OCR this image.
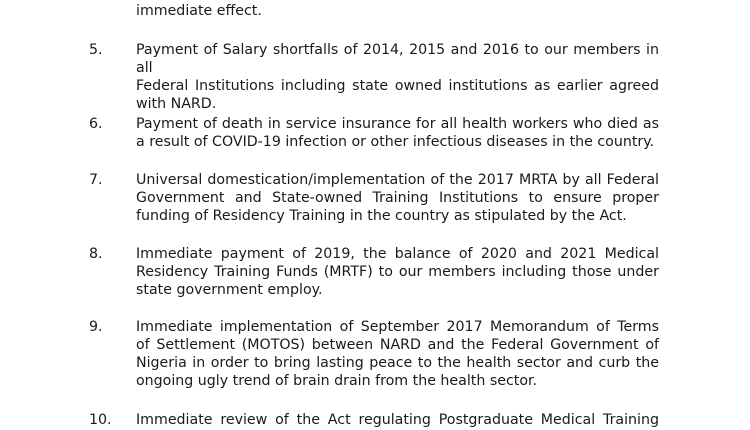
immediate effect.
5. Payment of Salary shortfalls of 2014, 2015 and 2016 to our members in all
Federal Institutions including state owned institutions as earlier agreed
with NARD.
6. Payment of death in service insurance for all health workers who died as
a result of COVID-19 infection or other infectious diseases in the country.
7. Universal domestication/implementation of the 2017 MRTA by all Federal
Government and State-owned Training Institutions to ensure proper
funding of Residency Training in the country as stipulated by the Act.
8. Immediate payment of 2019, the balance of 2020 and 2021 Medical
Residency Training Funds (MRTF) to our members including those under
state government employ.
9. Immediate implementation of September 2017 Memorandum of Terms
of Settlement (MOTOS) between NARD and the Federal Government of
Nigeria in order to bring lasting peace to the health sector and curb the
ongoing ugly trend of brain drain from the health sector.
10. Immediate review of the Act regulating Postgraduate Medical Training
